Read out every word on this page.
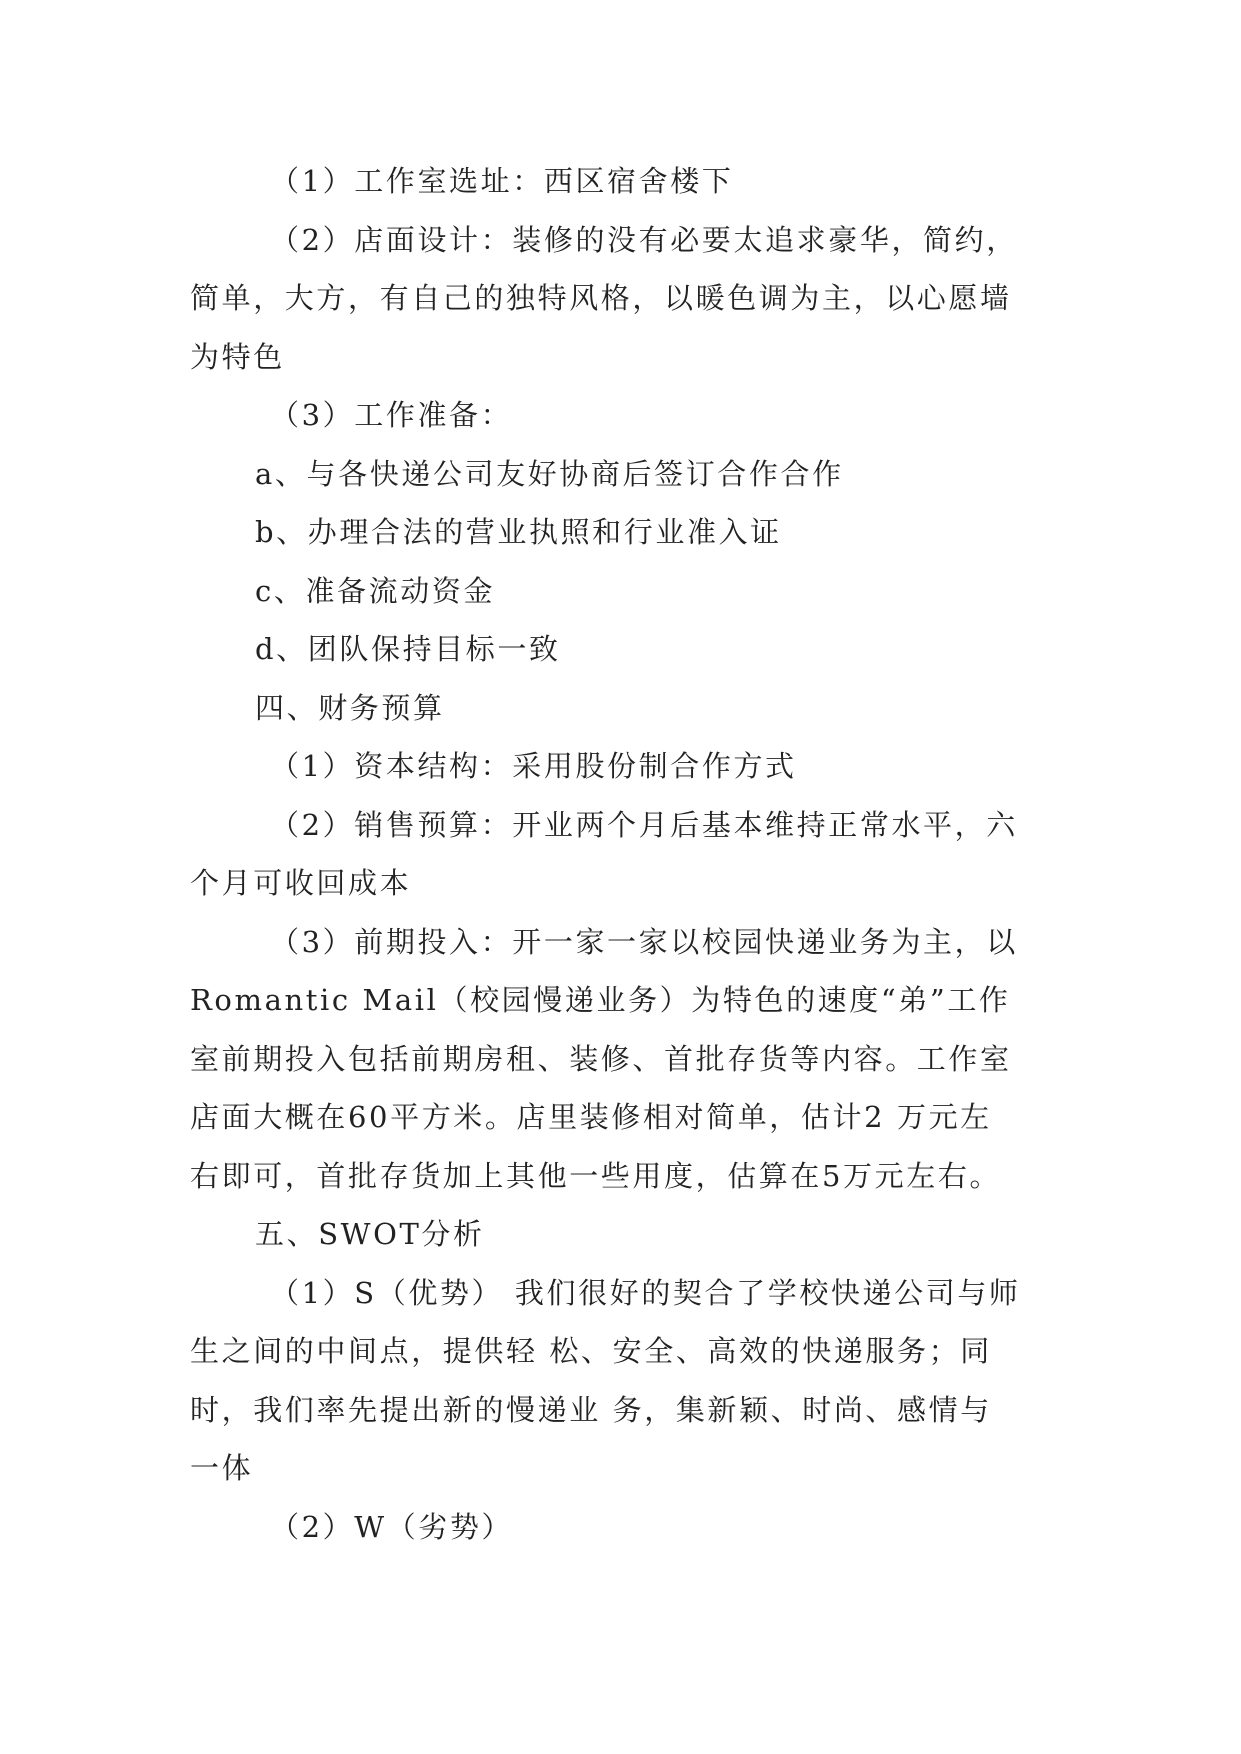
（1）工作室选址：西区宿舍楼下

（2）店面设计：装修的没有必要太追求豪华，简约，

简单，大方，有自己的独特风格，以暖色调为主，以心愿墙

为特色

（3）工作准备：

a、与各快递公司友好协商后签订合作合作

b、办理合法的营业执照和行业准入证

c、准备流动资金

d、团队保持目标一致

四、财务预算

（1）资本结构：采用股份制合作方式

（2）销售预算：开业两个月后基本维持正常水平，六

个月可收回成本

（3）前期投入：开一家一家以校园快递业务为主，以

Romantic Mail（校园慢递业务）为特色的速度“弟”工作

室前期投入包括前期房租、装修、首批存货等内容。工作室

店面大概在60平方米。店里装修相对简单，估计2 万元左

右即可，首批存货加上其他一些用度，估算在5万元左右。

五、SWOT分析

（1）S（优势） 我们很好的契合了学校快递公司与师

生之间的中间点，提供轻 松、安全、高效的快递服务；同

时，我们率先提出新的慢递业 务，集新颖、时尚、感情与

一体

（2）W（劣势）
